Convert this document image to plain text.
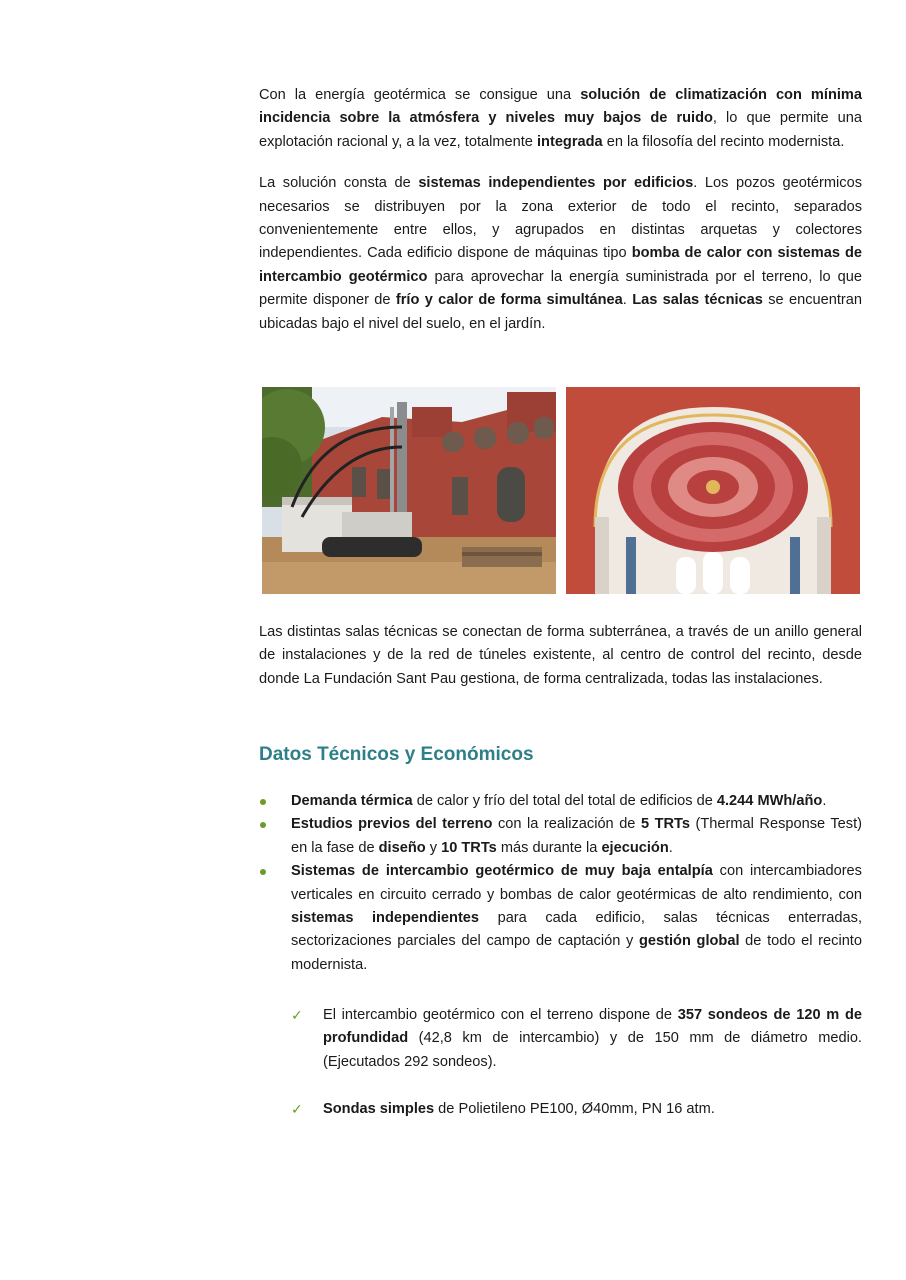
Con la energía geotérmica se consigue una solución de climatización con mínima incidencia sobre la atmósfera y niveles muy bajos de ruido, lo que permite una explotación racional y, a la vez, totalmente integrada en la filosofía del recinto modernista.

La solución consta de sistemas independientes por edificios. Los pozos geotérmicos necesarios se distribuyen por la zona exterior de todo el recinto, separados convenientemente entre ellos, y agrupados en distintas arquetas y colectores independientes. Cada edificio dispone de máquinas tipo bomba de calor con sistemas de intercambio geotérmico para aprovechar la energía suministrada por el terreno, lo que permite disponer de frío y calor de forma simultánea. Las salas técnicas se encuentran ubicadas bajo el nivel del suelo, en el jardín.

Las distintas salas técnicas se conectan de forma subterránea, a través de un anillo general de instalaciones y de la red de túneles existente, al centro de control del recinto, desde donde La Fundación Sant Pau gestiona, de forma centralizada, todas las instalaciones.

Datos Técnicos y Económicos
Demanda térmica de calor y frío del total del total de edificios de 4.244 MWh/año.
Estudios previos del terreno con la realización de 5 TRTs (Thermal Response Test) en la fase de diseño y 10 TRTs más durante la ejecución.
Sistemas de intercambio geotérmico de muy baja entalpía con intercambiadores verticales en circuito cerrado y bombas de calor geotérmicas de alto rendimiento, con sistemas independientes para cada edificio, salas técnicas enterradas, sectorizaciones parciales del campo de captación y gestión global de todo el recinto modernista.
✓ El intercambio geotérmico con el terreno dispone de 357 sondeos de 120 m de profundidad (42,8 km de intercambio) y de 150 mm de diámetro medio. (Ejecutados 292 sondeos).
✓ Sondas simples de Polietileno PE100, Ø40mm, PN 16 atm.
